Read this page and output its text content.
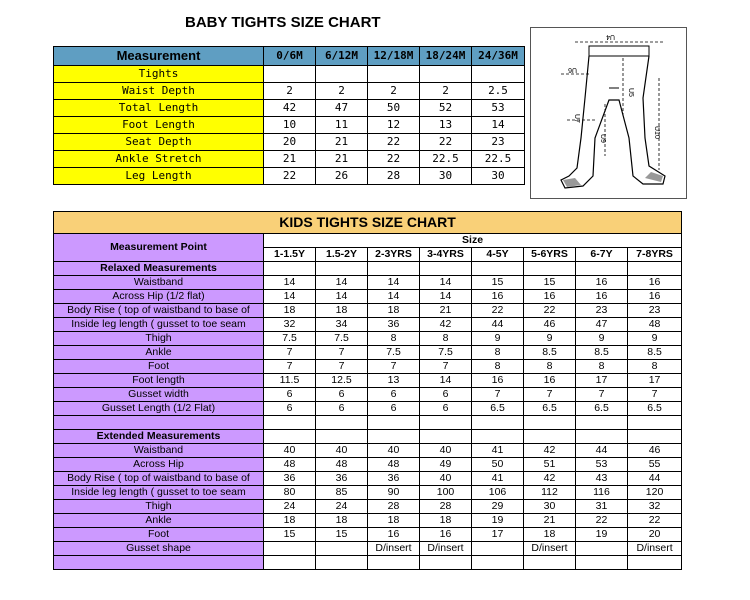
BABY TIGHTS SIZE CHART
Measurement	0/6M	6/12M	12/18M	18/24M	24/36M
Tights					
Waist Depth	2	2	2	2	2.5
Total Length	42	47	50	52	53
Foot Length	10	11	12	13	14
Seat Depth	20	21	22	22	23
Ankle Stretch	21	21	22	22.5	22.5
Leg Length	22	26	28	30	30
U4
U5
U6
U7
U9	U10
KIDS TIGHTS SIZE CHART								
Measurement Point	Size							
	1-1.5Y	1.5-2Y	2-3YRS	3-4YRS	4-5Y	5-6YRS	6-7Y	7-8YRS
Relaxed Measurements								
Waistband	14	14	14	14	15	15	16	16
Across Hip (1/2 flat)	14	14	14	14	16	16	16	16
Body Rise ( top of waistband to base of	18	18	18	21	22	22	23	23
Inside leg length ( gusset to toe seam	32	34	36	42	44	46	47	48
Thigh	7.5	7.5	8	8	9	9	9	9
Ankle	7	7	7.5	7.5	8	8.5	8.5	8.5
Foot	7	7	7	7	8	8	8	8
Foot length	11.5	12.5	13	14	16	16	17	17
Gusset width	6	6	6	6	7	7	7	7
Gusset Length (1/2 Flat)	6	6	6	6	6.5	6.5	6.5	6.5

Extended Measurements								
Waistband	40	40	40	40	41	42	44	46
Across Hip	48	48	48	49	50	51	53	55
Body Rise ( top of waistband to base of	36	36	36	40	41	42	43	44
Inside leg length ( gusset to toe seam	80	85	90	100	106	112	116	120
Thigh	24	24	28	28	29	30	31	32
Ankle	18	18	18	18	19	21	22	22
Foot	15	15	16	16	17	18	19	20
Gusset shape			D/insert	D/insert		D/insert		D/insert
